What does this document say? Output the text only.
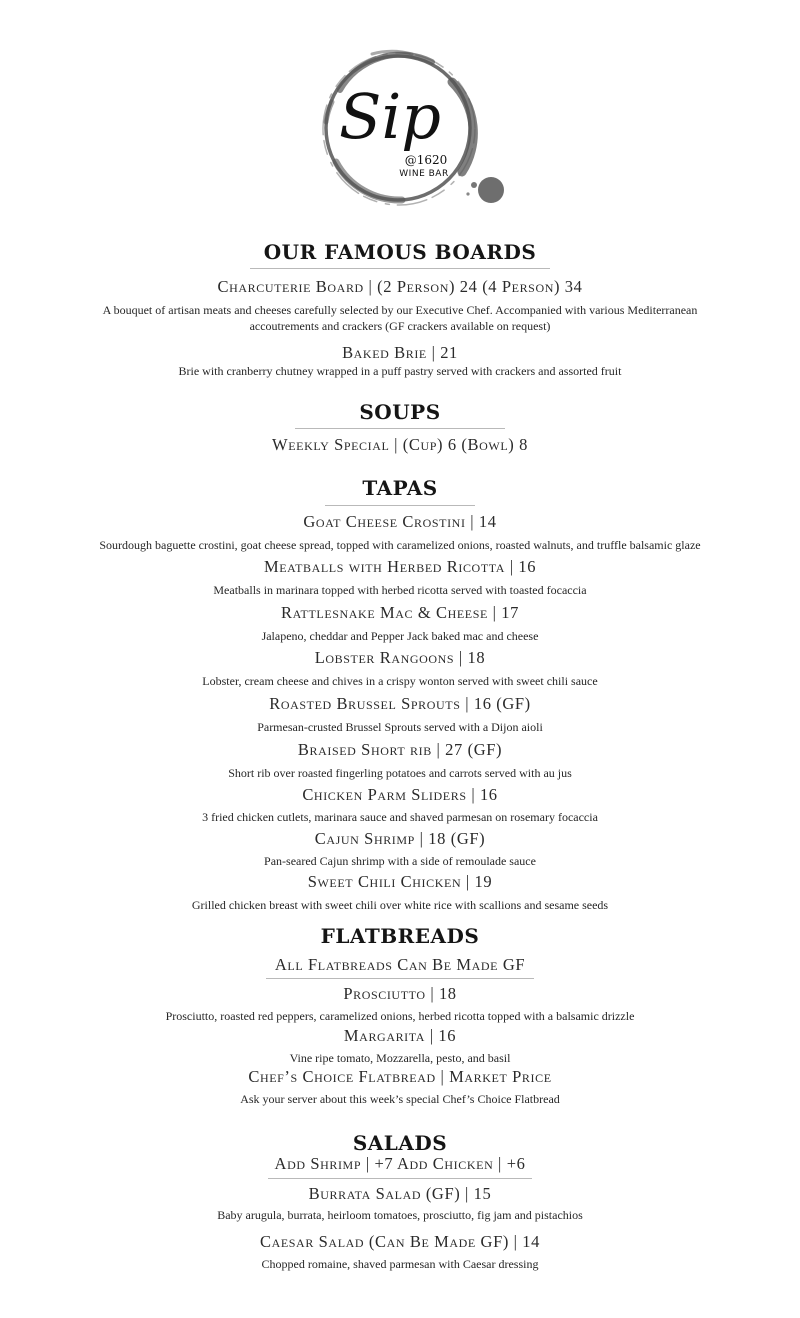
Sip
@1620
WINE BAR
OUR FAMOUS BOARDS
Charcuterie Board | (2 Person) 24 (4 Person) 34
A bouquet of artisan meats and cheeses carefully selected by our Executive Chef. Accompanied with various Mediterranean
accoutrements and crackers (GF crackers available on request)
Baked Brie | 21
Brie with cranberry chutney wrapped in a puff pastry served with crackers and assorted fruit
SOUPS
Weekly Special | (Cup) 6 (Bowl) 8
TAPAS
Goat Cheese Crostini | 14
Sourdough baguette crostini, goat cheese spread, topped with caramelized onions, roasted walnuts, and truffle balsamic glaze
Meatballs with Herbed Ricotta | 16
Meatballs in marinara topped with herbed ricotta served with toasted focaccia
Rattlesnake Mac & Cheese | 17
Jalapeno, cheddar and Pepper Jack baked mac and cheese
Lobster Rangoons | 18
Lobster, cream cheese and chives in a crispy wonton served with sweet chili sauce
Roasted Brussel Sprouts | 16 (GF)
Parmesan-crusted Brussel Sprouts served with a Dijon aioli
Braised Short rib | 27 (GF)
Short rib over roasted fingerling potatoes and carrots served with au jus
Chicken Parm Sliders | 16
3 fried chicken cutlets, marinara sauce and shaved parmesan on rosemary focaccia
Cajun Shrimp | 18 (GF)
Pan-seared Cajun shrimp with a side of remoulade sauce
Sweet Chili Chicken | 19
Grilled chicken breast with sweet chili over white rice with scallions and sesame seeds
FLATBREADS
All Flatbreads Can Be Made GF
Prosciutto | 18
Prosciutto, roasted red peppers, caramelized onions, herbed ricotta topped with a balsamic drizzle
Margarita | 16
Vine ripe tomato, Mozzarella, pesto, and basil
Chef’s Choice Flatbread | Market Price
Ask your server about this week’s special Chef’s Choice Flatbread
SALADS
Add Shrimp | +7 Add Chicken | +6
Burrata Salad (GF) | 15
Baby arugula, burrata, heirloom tomatoes, prosciutto, fig jam and pistachios
Caesar Salad (Can Be Made GF) | 14
Chopped romaine, shaved parmesan with Caesar dressing
